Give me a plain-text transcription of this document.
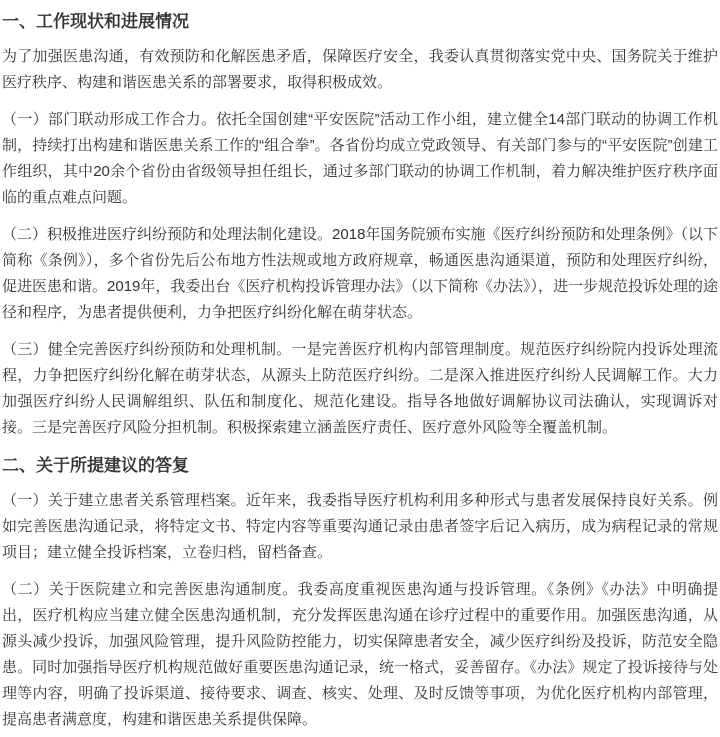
一、工作现状和进展情况

为了加强医患沟通，有效预防和化解医患矛盾，保障医疗安全，我委认真贯彻落实党中央、国务院关于维护医疗秩序、构建和谐医患关系的部署要求，取得积极成效。

（一）部门联动形成工作合力。依托全国创建“平安医院”活动工作小组，建立健全14部门联动的协调工作机制，持续打出构建和谐医患关系工作的“组合拳”。各省份均成立党政领导、有关部门参与的“平安医院”创建工作组织，其中20余个省份由省级领导担任组长，通过多部门联动的协调工作机制，着力解决维护医疗秩序面临的重点难点问题。

（二）积极推进医疗纠纷预防和处理法制化建设。2018年国务院颁布实施《医疗纠纷预防和处理条例》（以下简称《条例》），多个省份先后公布地方性法规或地方政府规章，畅通医患沟通渠道，预防和处理医疗纠纷，促进医患和谐。2019年，我委出台《医疗机构投诉管理办法》（以下简称《办法》），进一步规范投诉处理的途径和程序，为患者提供便利，力争把医疗纠纷化解在萌芽状态。

（三）健全完善医疗纠纷预防和处理机制。一是完善医疗机构内部管理制度。规范医疗纠纷院内投诉处理流程，力争把医疗纠纷化解在萌芽状态，从源头上防范医疗纠纷。二是深入推进医疗纠纷人民调解工作。大力加强医疗纠纷人民调解组织、队伍和制度化、规范化建设。指导各地做好调解协议司法确认，实现调诉对接。三是完善医疗风险分担机制。积极探索建立涵盖医疗责任、医疗意外风险等全覆盖机制。

二、关于所提建议的答复

（一）关于建立患者关系管理档案。近年来，我委指导医疗机构利用多种形式与患者发展保持良好关系。例如完善医患沟通记录，将特定文书、特定内容等重要沟通记录由患者签字后记入病历，成为病程记录的常规项目；建立健全投诉档案，立卷归档，留档备查。

（二）关于医院建立和完善医患沟通制度。我委高度重视医患沟通与投诉管理。《条例》《办法》中明确提出，医疗机构应当建立健全医患沟通机制，充分发挥医患沟通在诊疗过程中的重要作用。加强医患沟通，从源头减少投诉，加强风险管理，提升风险防控能力，切实保障患者安全，减少医疗纠纷及投诉，防范安全隐患。同时加强指导医疗机构规范做好重要医患沟通记录，统一格式，妥善留存。《办法》规定了投诉接待与处理等内容，明确了投诉渠道、接待要求、调查、核实、处理、及时反馈等事项，为优化医疗机构内部管理，提高患者满意度，构建和谐医患关系提供保障。
